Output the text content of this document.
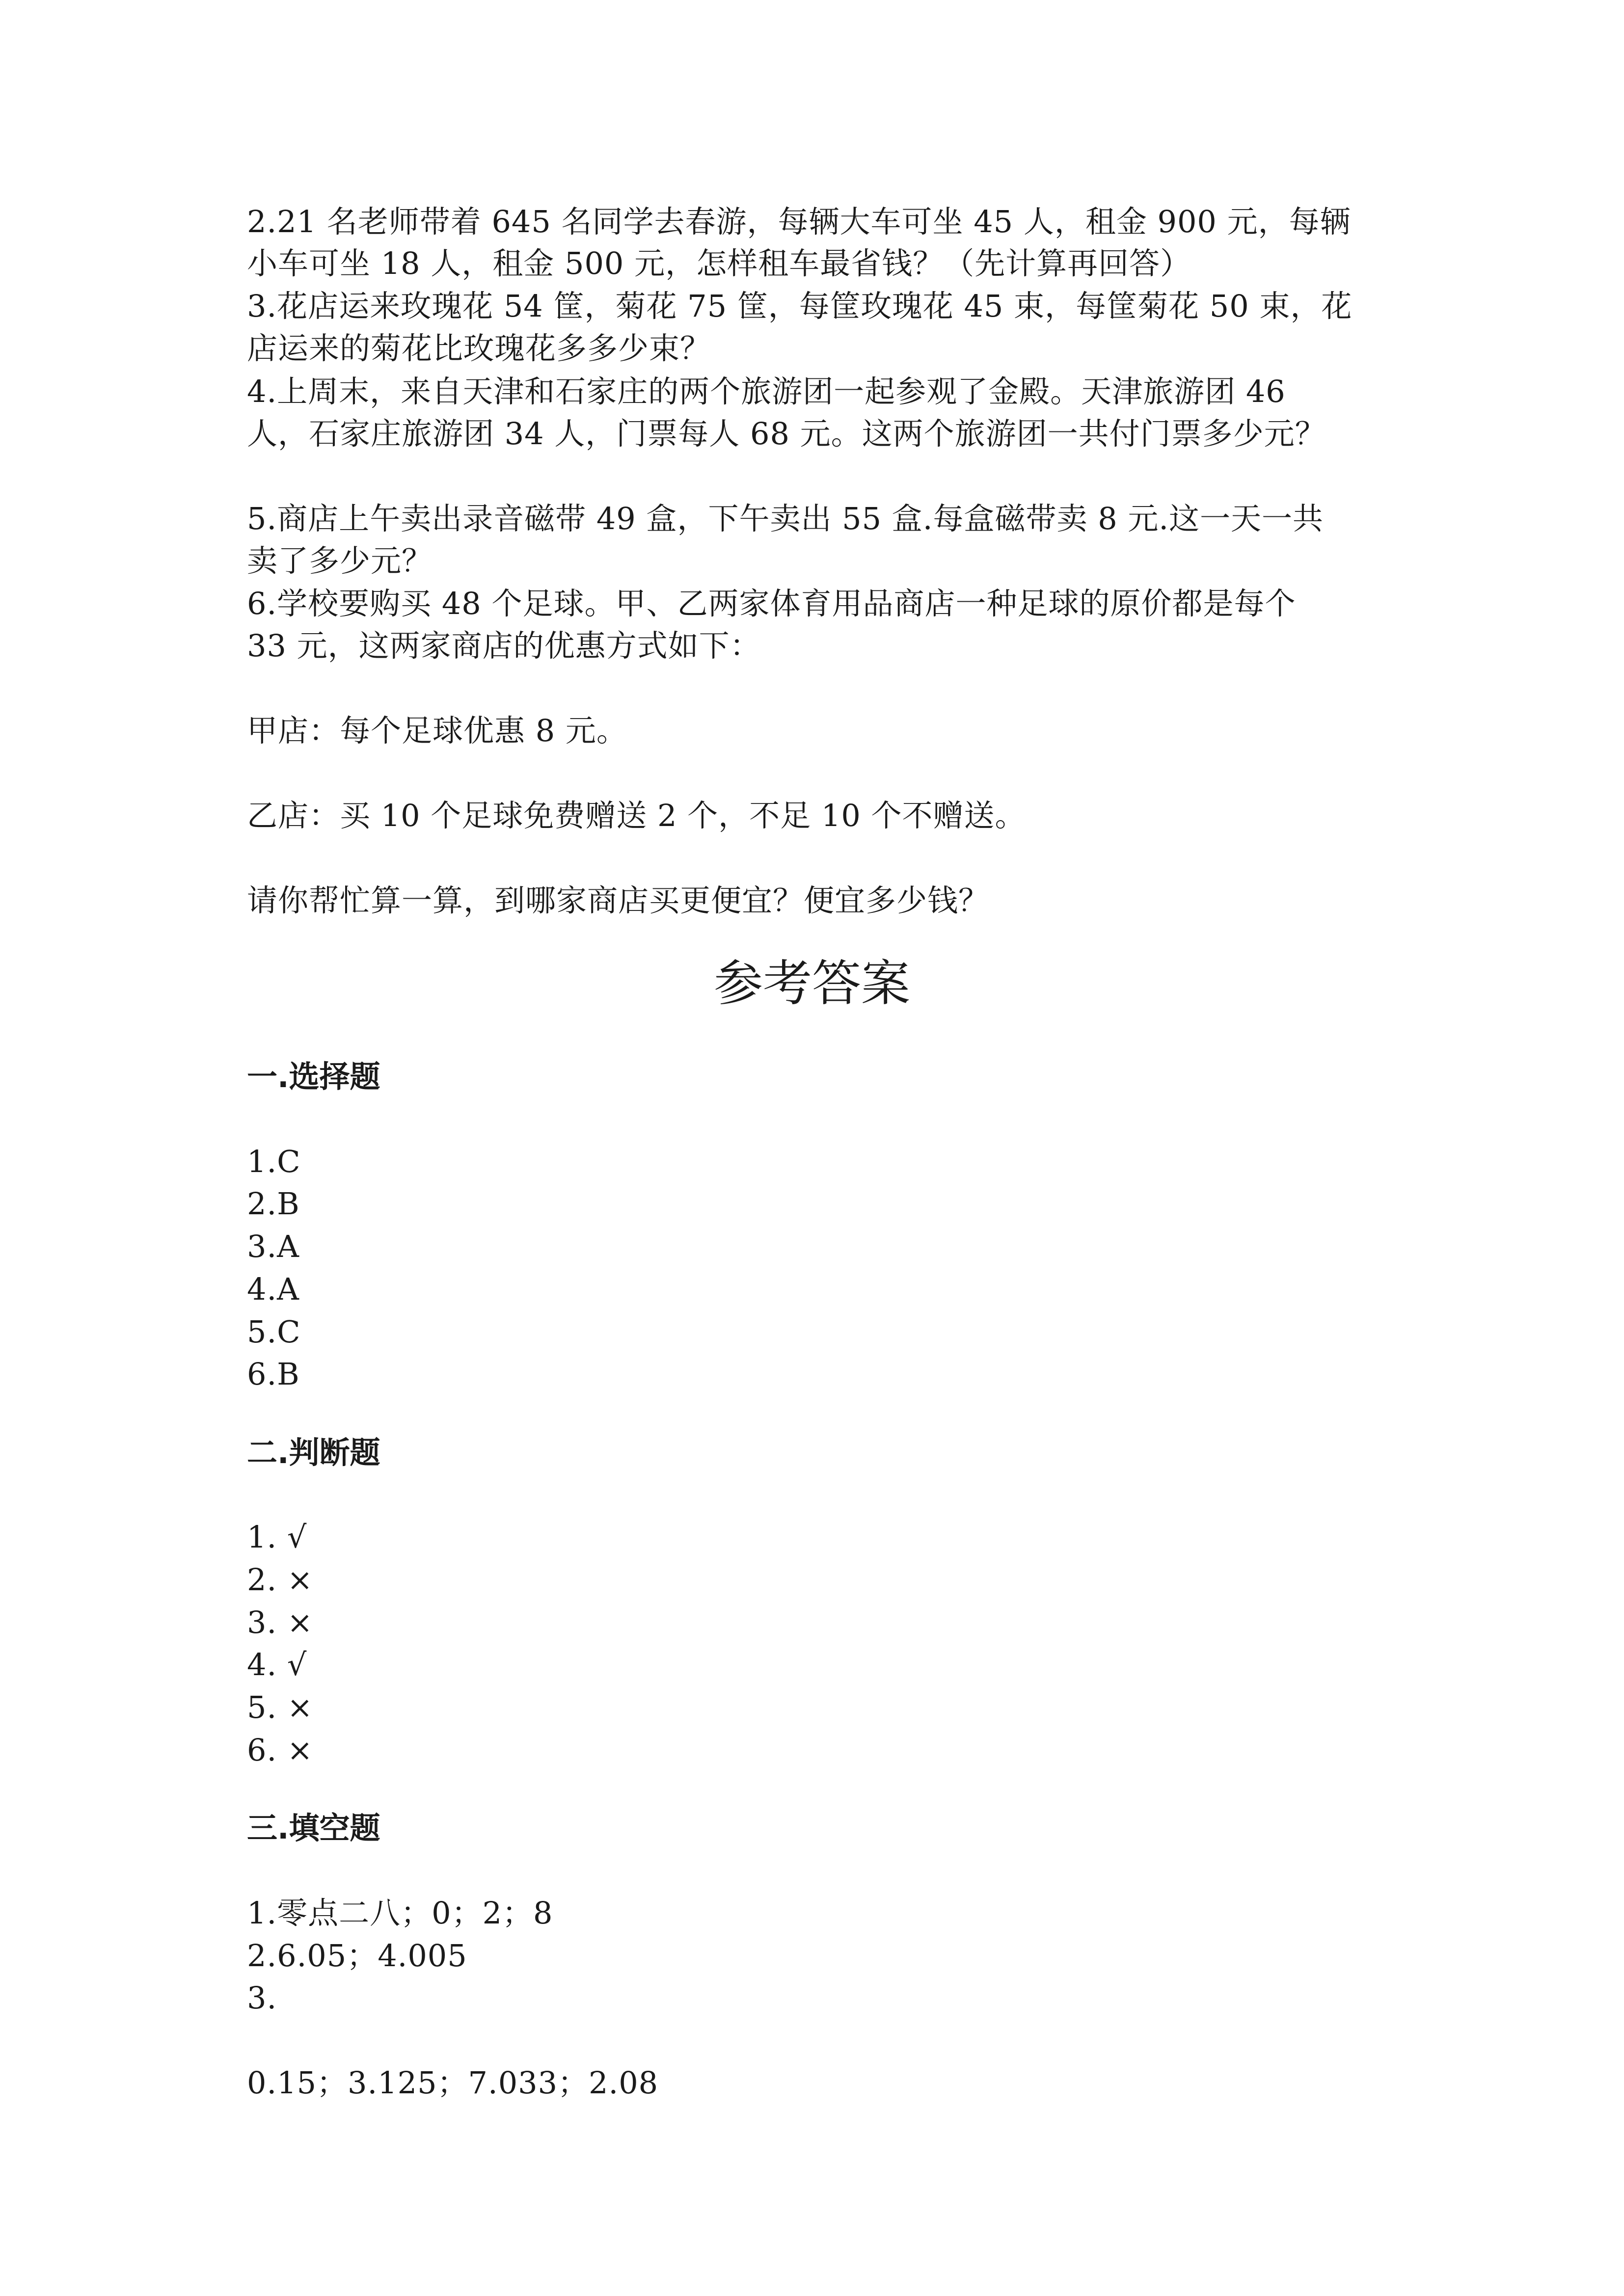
2.21 名老师带着 645 名同学去春游，每辆大车可坐 45 人，租金 900 元，每辆
小车可坐 18 人，租金 500 元，怎样租车最省钱？（先计算再回答）
3.花店运来玫瑰花 54 筐，菊花 75 筐，每筐玫瑰花 45 束，每筐菊花 50 束，花
店运来的菊花比玫瑰花多多少束？
4.上周末，来自天津和石家庄的两个旅游团一起参观了金殿。天津旅游团 46
人，石家庄旅游团 34 人，门票每人 68 元。这两个旅游团一共付门票多少元？
5.商店上午卖出录音磁带 49 盒，下午卖出 55 盒.每盒磁带卖 8 元.这一天一共
卖了多少元？
6.学校要购买 48 个足球。甲、乙两家体育用品商店一种足球的原价都是每个
33 元，这两家商店的优惠方式如下：
甲店：每个足球优惠 8 元。
乙店：买 10 个足球免费赠送 2 个，不足 10 个不赠送。
请你帮忙算一算，到哪家商店买更便宜？便宜多少钱？
参考答案
一.选择题
1.C
2.B
3.A
4.A
5.C
6.B
二.判断题
1. √
2. ×
3. ×
4. √
5. ×
6. ×
三.填空题
1.零点二八；0；2；8
2.6.05；4.005
3.
0.15；3.125；7.033；2.08
